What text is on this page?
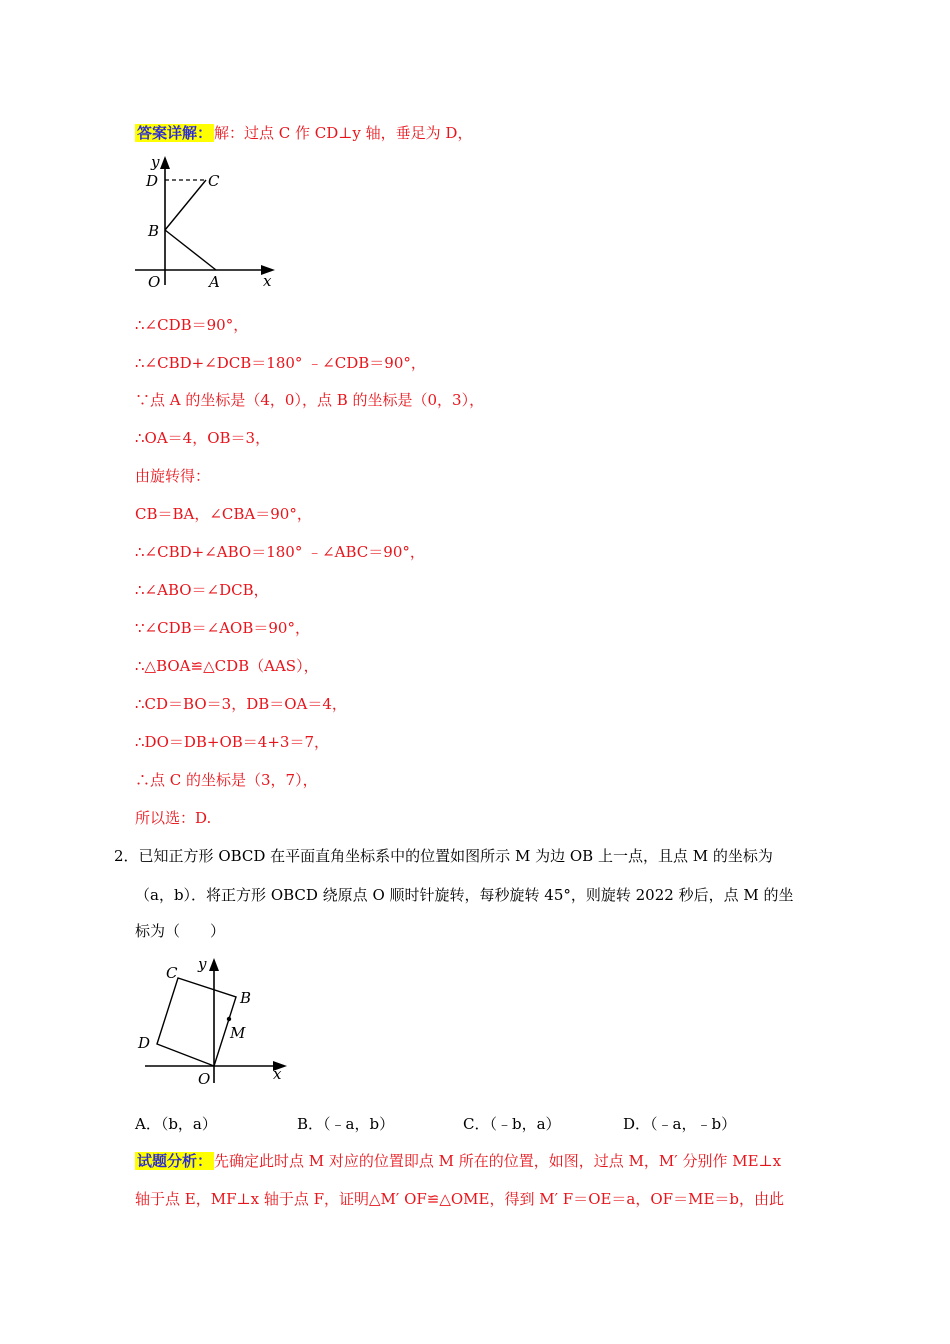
答案详解： 解：过点 C 作 CD⊥y 轴，垂足为 D，
y
D	C
B
O	A	x
∴∠CDB＝90°，
∴∠CBD+∠DCB＝180° ﹣∠CDB＝90°，
∵点 A 的坐标是（4，0），点 B 的坐标是（0，3），
∴OA＝4，OB＝3，
由旋转得：
CB＝BA，∠CBA＝90°，
∴∠CBD+∠ABO＝180° ﹣∠ABC＝90°，
∴∠ABO＝∠DCB，
∵∠CDB＝∠AOB＝90°，
∴△BOA≌△CDB（AAS），
∴CD＝BO＝3，DB＝OA＝4，
∴DO＝DB+OB＝4+3＝7，
∴点 C 的坐标是（3，7），
所以选：D.
2．已知正方形 OBCD 在平面直角坐标系中的位置如图所示 M 为边 OB 上一点，且点 M 的坐标为
（a，b）．将正方形 OBCD 绕原点 O 顺时针旋转，每秒旋转 45°，则旋转 2022 秒后，点 M 的坐
标为（　　）
C y
B
M
D
O	x
A．（b，a）	B．（﹣a，b）	C．（﹣b，a）	D．（﹣a，﹣b）
试题分析： 先确定此时点 M 对应的位置即点 M 所在的位置，如图，过点 M，M′ 分别作 ME⊥x
轴于点 E，MF⊥x 轴于点 F，证明△M′ OF≌△OME，得到 M′ F＝OE＝a，OF＝ME＝b，由此
